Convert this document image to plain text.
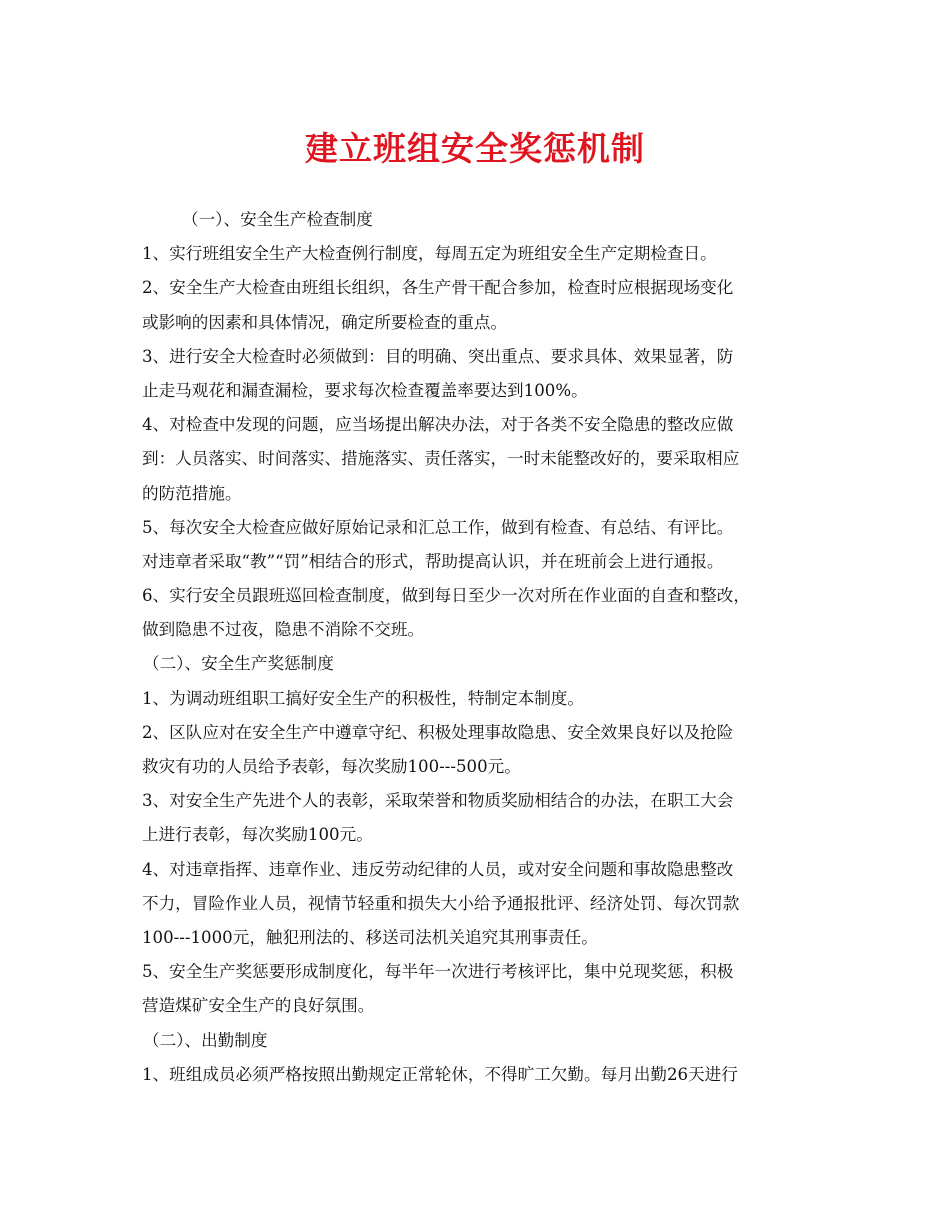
建立班组安全奖惩机制
（一）、安全生产检查制度
1、实行班组安全生产大检查例行制度，每周五定为班组安全生产定期检查日。
2、安全生产大检查由班组长组织，各生产骨干配合参加，检查时应根据现场变化
或影响的因素和具体情况，确定所要检查的重点。
3、进行安全大检查时必须做到：目的明确、突出重点、要求具体、效果显著，防
止走马观花和漏查漏检，要求每次检查覆盖率要达到100%。
4、对检查中发现的问题，应当场提出解决办法，对于各类不安全隐患的整改应做
到：人员落实、时间落实、措施落实、责任落实，一时未能整改好的，要采取相应
的防范措施。
5、每次安全大检查应做好原始记录和汇总工作，做到有检查、有总结、有评比。
对违章者采取“教”“罚”相结合的形式，帮助提高认识，并在班前会上进行通报。
6、实行安全员跟班巡回检查制度，做到每日至少一次对所在作业面的自查和整改，
做到隐患不过夜，隐患不消除不交班。
（二）、安全生产奖惩制度
1、为调动班组职工搞好安全生产的积极性，特制定本制度。
2、区队应对在安全生产中遵章守纪、积极处理事故隐患、安全效果良好以及抢险
救灾有功的人员给予表彰，每次奖励100---500元。
3、对安全生产先进个人的表彰，采取荣誉和物质奖励相结合的办法，在职工大会
上进行表彰，每次奖励100元。
4、对违章指挥、违章作业、违反劳动纪律的人员，或对安全问题和事故隐患整改
不力，冒险作业人员，视情节轻重和损失大小给予通报批评、经济处罚、每次罚款
100---1000元，触犯刑法的、移送司法机关追究其刑事责任。
5、安全生产奖惩要形成制度化，每半年一次进行考核评比，集中兑现奖惩，积极
营造煤矿安全生产的良好氛围。
（二）、出勤制度
1、班组成员必须严格按照出勤规定正常轮休，不得旷工欠勤。每月出勤26天进行
